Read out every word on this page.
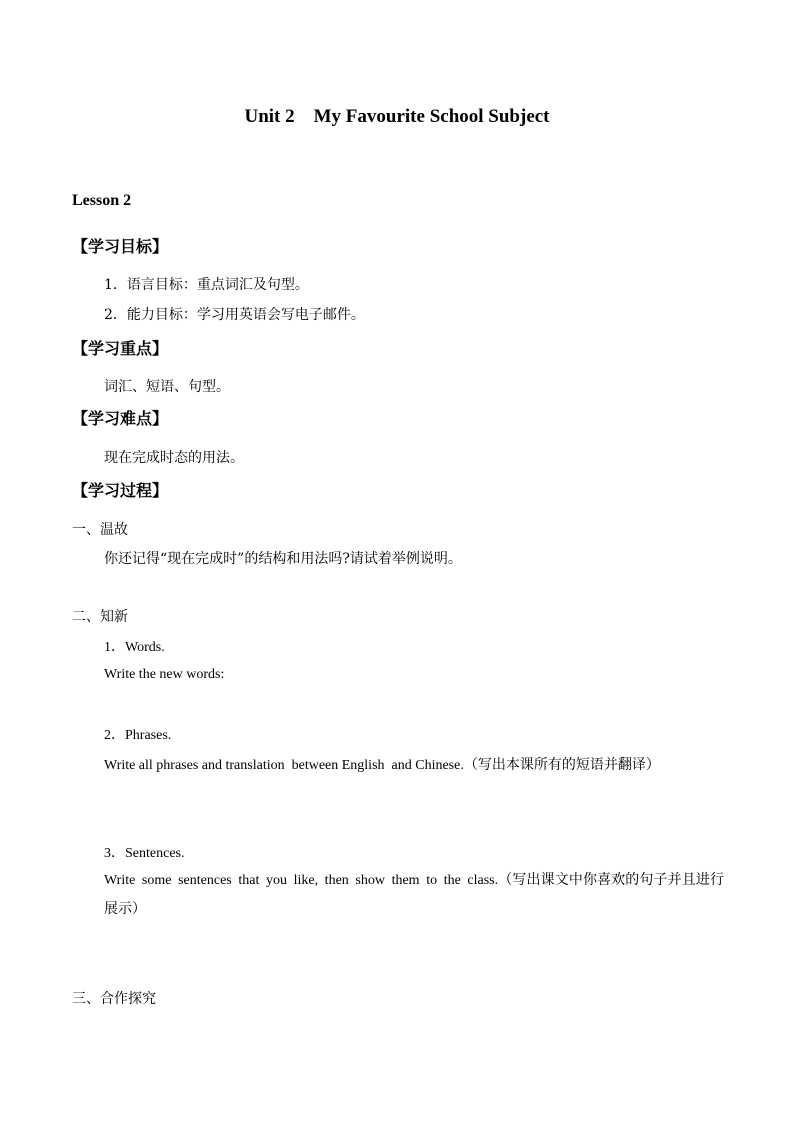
Unit 2    My Favourite School Subject
Lesson 2
【学习目标】
1．语言目标：重点词汇及句型。
2．能力目标：学习用英语会写电子邮件。
【学习重点】
词汇、短语、句型。
【学习难点】
现在完成时态的用法。
【学习过程】
一、温故
你还记得“现在完成时”的结构和用法吗?请试着举例说明。
二、知新
1．Words.
Write the new words:
2．Phrases.
Write all phrases and translation  between English  and Chinese.（写出本课所有的短语并翻译）
3．Sentences.
Write some sentences that you like, then show them to the class.（写出课文中你喜欢的句子并且进行展示）
三、合作探究
